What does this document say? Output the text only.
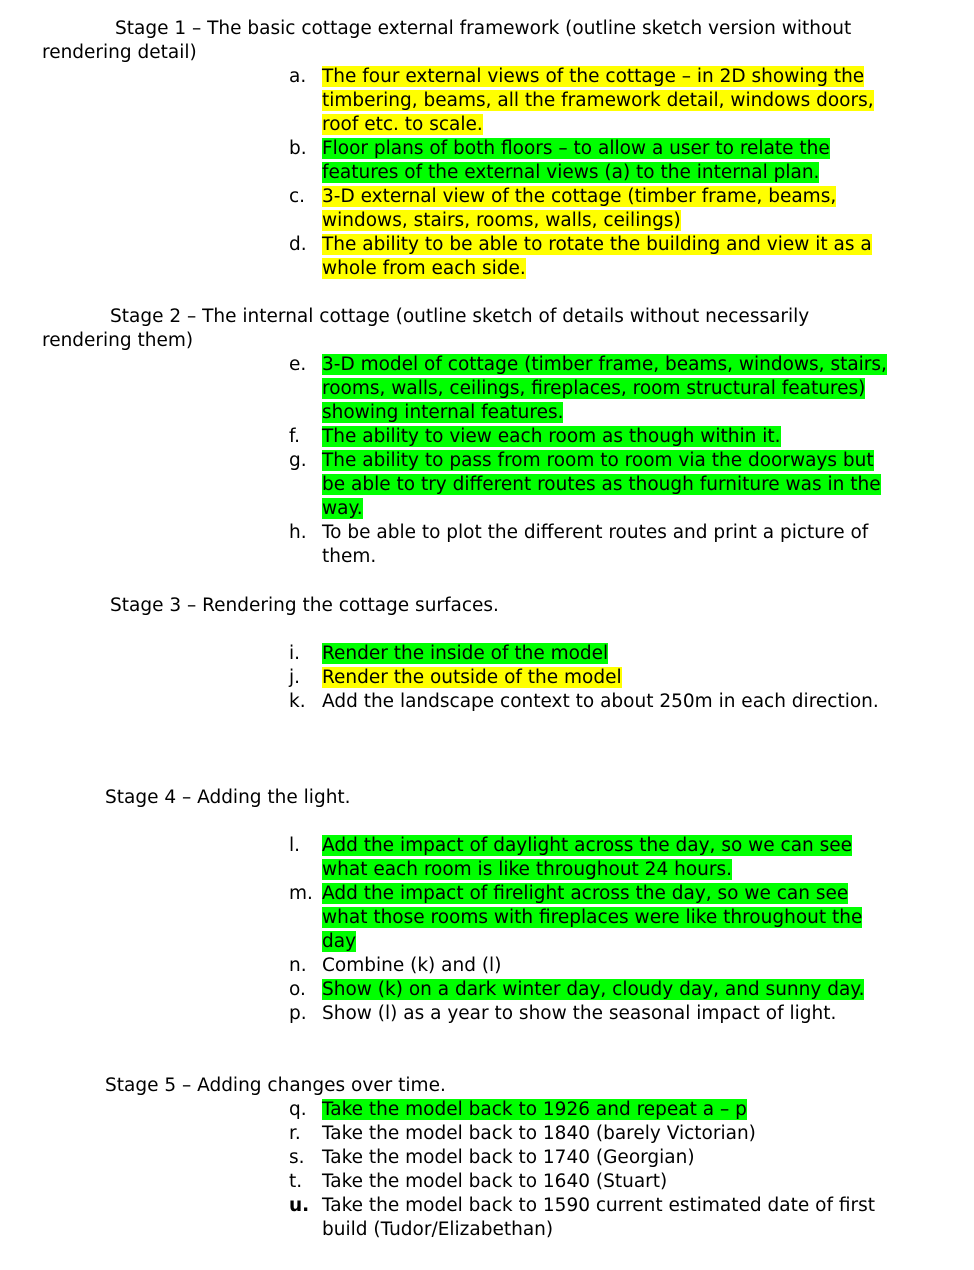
Stage 1 – The basic cottage external framework (outline sketch version without
rendering detail)
a. The four external views of the cottage – in 2D showing the timbering, beams, all the framework detail, windows doors, roof etc. to scale.
b. Floor plans of both floors – to allow a user to relate the features of the external views (a) to the internal plan.
c. 3-D external view of the cottage (timber frame, beams, windows, stairs, rooms, walls, ceilings)
d. The ability to be able to rotate the building and view it as a whole from each side.
Stage 2 – The internal cottage (outline sketch of details without necessarily
rendering them)
e. 3-D model of cottage (timber frame, beams, windows, stairs, rooms, walls, ceilings, fireplaces, room structural features) showing internal features.
f.	The ability to view each room as though within it.
g. The ability to pass from room to room via the doorways but be able to try different routes as though furniture was in the way.
h. To be able to plot the different routes and print a picture of them.
Stage 3 – Rendering the cottage surfaces.
i.	Render the inside of the model
j.	Render the outside of the model
k. Add the landscape context to about 250m in each direction.
Stage 4 – Adding the light.
l.	Add the impact of daylight across the day, so we can see what each room is like throughout 24 hours.
m. Add the impact of firelight across the day, so we can see what those rooms with fireplaces were like throughout the day
n. Combine (k) and (l)
o. Show (k) on a dark winter day, cloudy day, and sunny day.
p. Show (l) as a year to show the seasonal impact of light.
Stage 5 – Adding changes over time.
q. Take the model back to 1926 and repeat a – p
r.	Take the model back to 1840 (barely Victorian)
s. Take the model back to 1740 (Georgian)
t.	Take the model back to 1640 (Stuart)
u. Take the model back to 1590 current estimated date of first build (Tudor/Elizabethan)
